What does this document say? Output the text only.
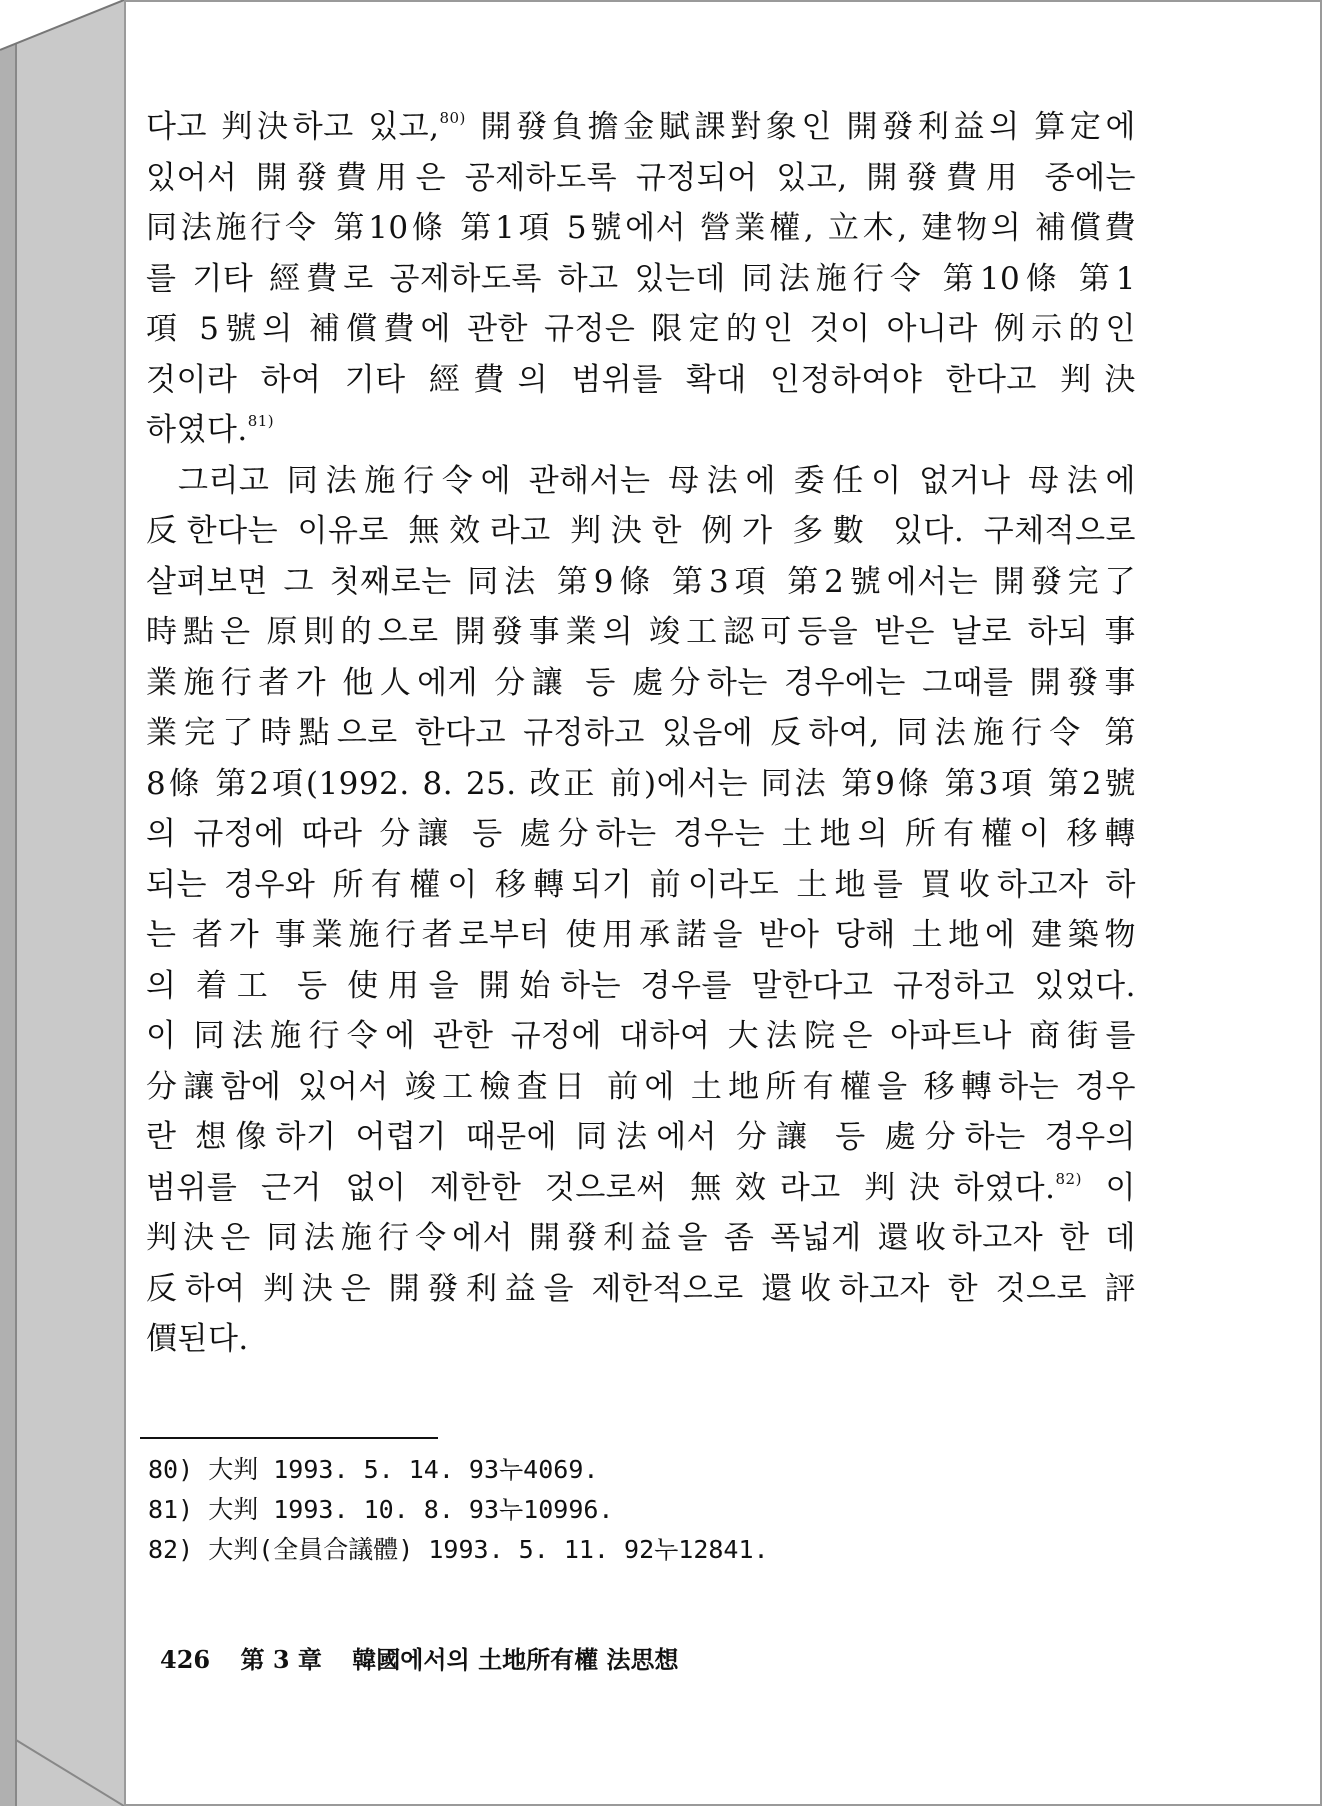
다고 判決하고 있고,$^{80)}$ 開發負擔金賦課對象인 開發利益의 算定에
있어서 開發費用은 공제하도록 규정되어 있고, 開發費用 중에는
同法施行令 第10條 第1項 5號에서 營業權, 立木, 建物의 補償費
를 기타 經費로 공제하도록 하고 있는데 同法施行令 第10條 第1
項 5號의 補償費에 관한 규정은 限定的인 것이 아니라 例示的인
것이라 하여 기타 經費의 범위를 확대 인정하여야 한다고 判決
하였다.$^{81)}$
그리고 同法施行令에 관해서는 母法에 委任이 없거나 母法에
反한다는 이유로 無效라고 判決한 例가 多數 있다. 구체적으로
살펴보면 그 첫째로는 同法 第9條 第3項 第2號에서는 開發完了
時點은 原則的으로 開發事業의 竣工認可등을 받은 날로 하되 事
業施行者가 他人에게 分讓 등 處分하는 경우에는 그때를 開發事
業完了時點으로 한다고 규정하고 있음에 反하여, 同法施行令 第
8條 第2項(1992. 8. 25. 改正 前)에서는 同法 第9條 第3項 第2號
의 규정에 따라 分讓 등 處分하는 경우는 土地의 所有權이 移轉
되는 경우와 所有權이 移轉되기 前이라도 土地를 買收하고자 하
는 者가 事業施行者로부터 使用承諾을 받아 당해 土地에 建築物
의 着工 등 使用을 開始하는 경우를 말한다고 규정하고 있었다.
이 同法施行令에 관한 규정에 대하여 大法院은 아파트나 商街를
分讓함에 있어서 竣工檢査日 前에 土地所有權을 移轉하는 경우
란 想像하기 어렵기 때문에 同法에서 分讓 등 處分하는 경우의
범위를 근거 없이 제한한 것으로써 無效라고 判決하였다.$^{82)}$ 이
判決은 同法施行令에서 開發利益을 좀 폭넓게 還收하고자 한 데
反하여 判決은 開發利益을 제한적으로 還收하고자 한 것으로 評
價된다.
80) 大判 1993. 5. 14. 93누4069.
81) 大判 1993. 10. 8. 93누10996.
82) 大判(全員合議體) 1993. 5. 11. 92누12841.
426 第 3 章 韓國에서의 土地所有權 法思想
